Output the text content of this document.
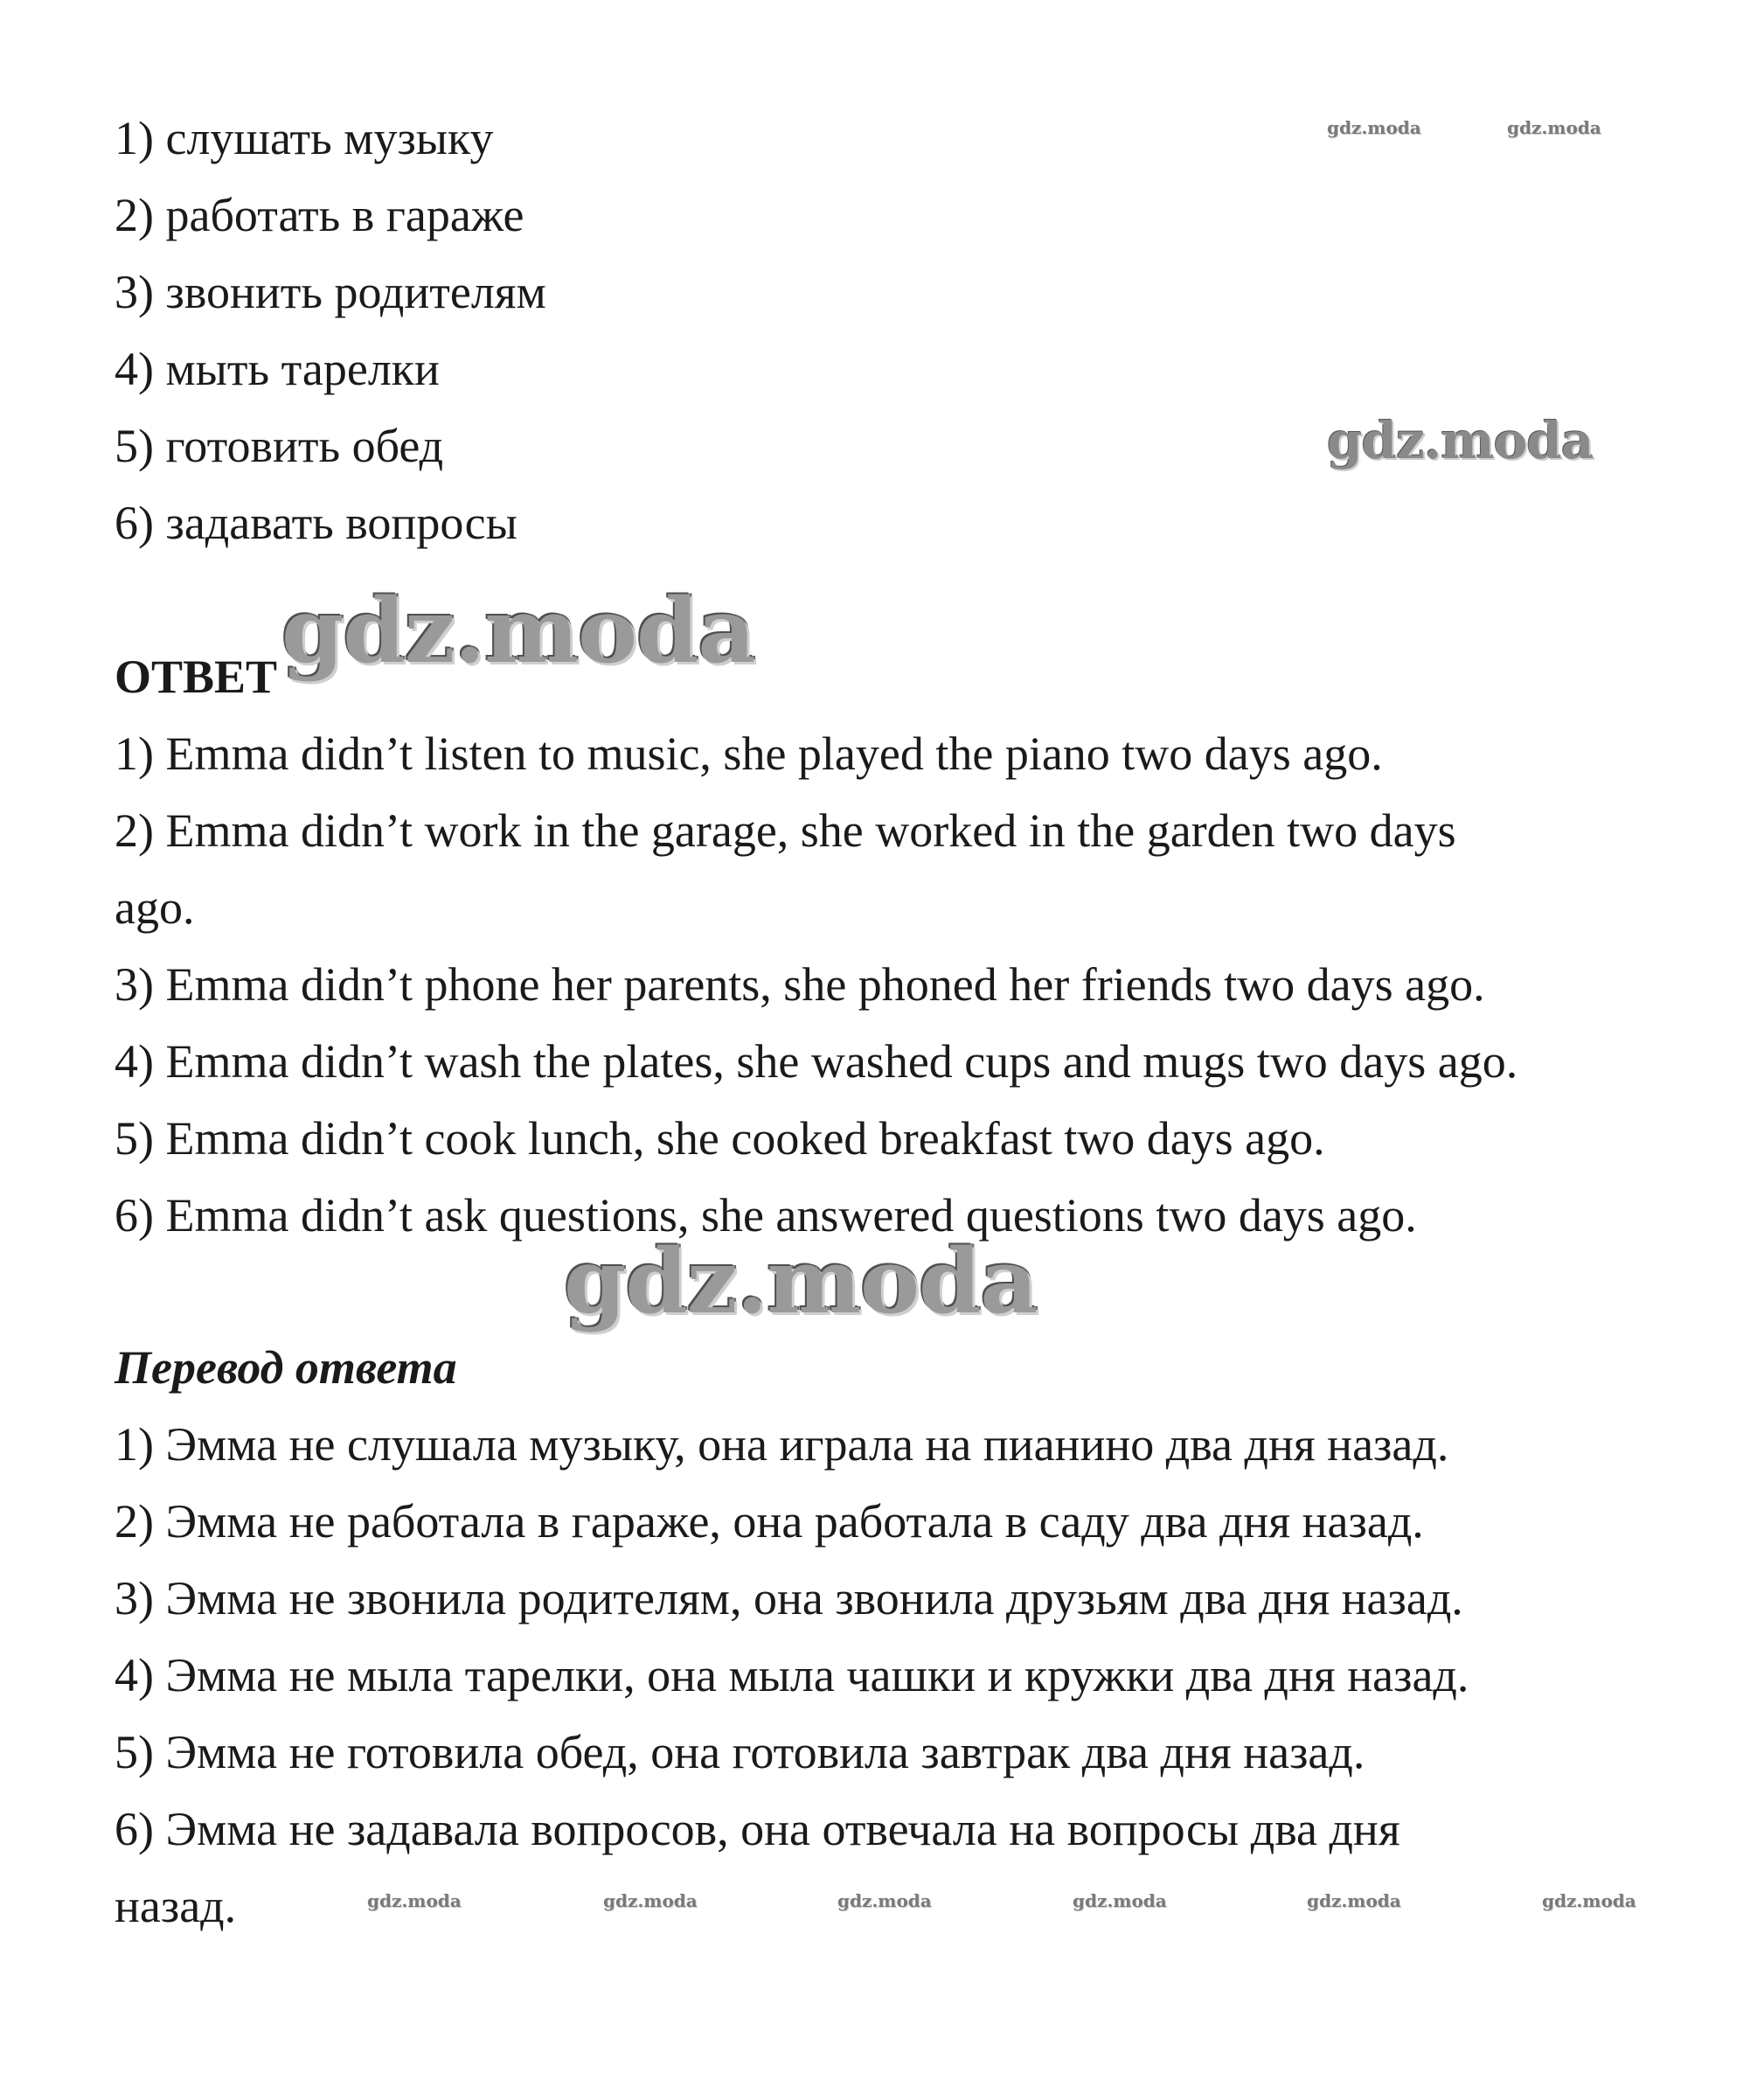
1) слушать музыку
2) работать в гараже
3) звонить родителям
4) мыть тарелки
5) готовить обед
6) задавать вопросы
ОТВЕТ
1) Emma didn’t listen to music, she played the piano two days ago.
2) Emma didn’t work in the garage, she worked in the garden two days
ago.
3) Emma didn’t phone her parents, she phoned her friends two days ago.
4) Emma didn’t wash the plates, she washed cups and mugs two days ago.
5) Emma didn’t cook lunch, she cooked breakfast two days ago.
6) Emma didn’t ask questions, she answered questions two days ago.
Перевод ответа
1) Эмма не слушала музыку, она играла на пианино два дня назад.
2) Эмма не работала в гараже, она работала в саду два дня назад.
3) Эмма не звонила родителям, она звонила друзьям два дня назад.
4) Эмма не мыла тарелки, она мыла чашки и кружки два дня назад.
5) Эмма не готовила обед, она готовила завтрак два дня назад.
6) Эмма не задавала вопросов, она отвечала на вопросы два дня
назад.
gdz.moda	gdz.moda
gdz.moda
gdz.moda
gdz.moda
gdz.moda	gdz.moda	gdz.moda	gdz.moda	gdz.moda	gdz.moda
